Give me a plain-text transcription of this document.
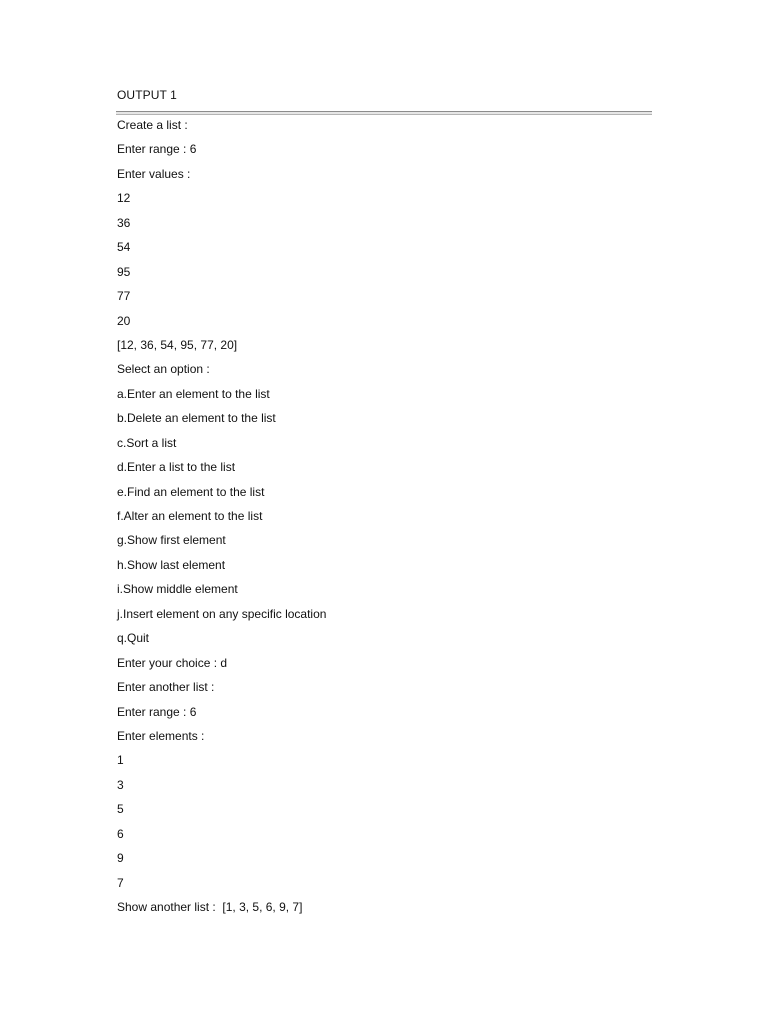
OUTPUT 1
Create a list :
Enter range : 6
Enter values :
12
36
54
95
77
20
[12, 36, 54, 95, 77, 20]
Select an option :
a.Enter an element to the list
b.Delete an element to the list
c.Sort a list
d.Enter a list to the list
e.Find an element to the list
f.Alter an element to the list
g.Show first element
h.Show last element
i.Show middle element
j.Insert element on any specific location
q.Quit
Enter your choice : d
Enter another list :
Enter range : 6
Enter elements :
1
3
5
6
9
7
Show another list :  [1, 3, 5, 6, 9, 7]
